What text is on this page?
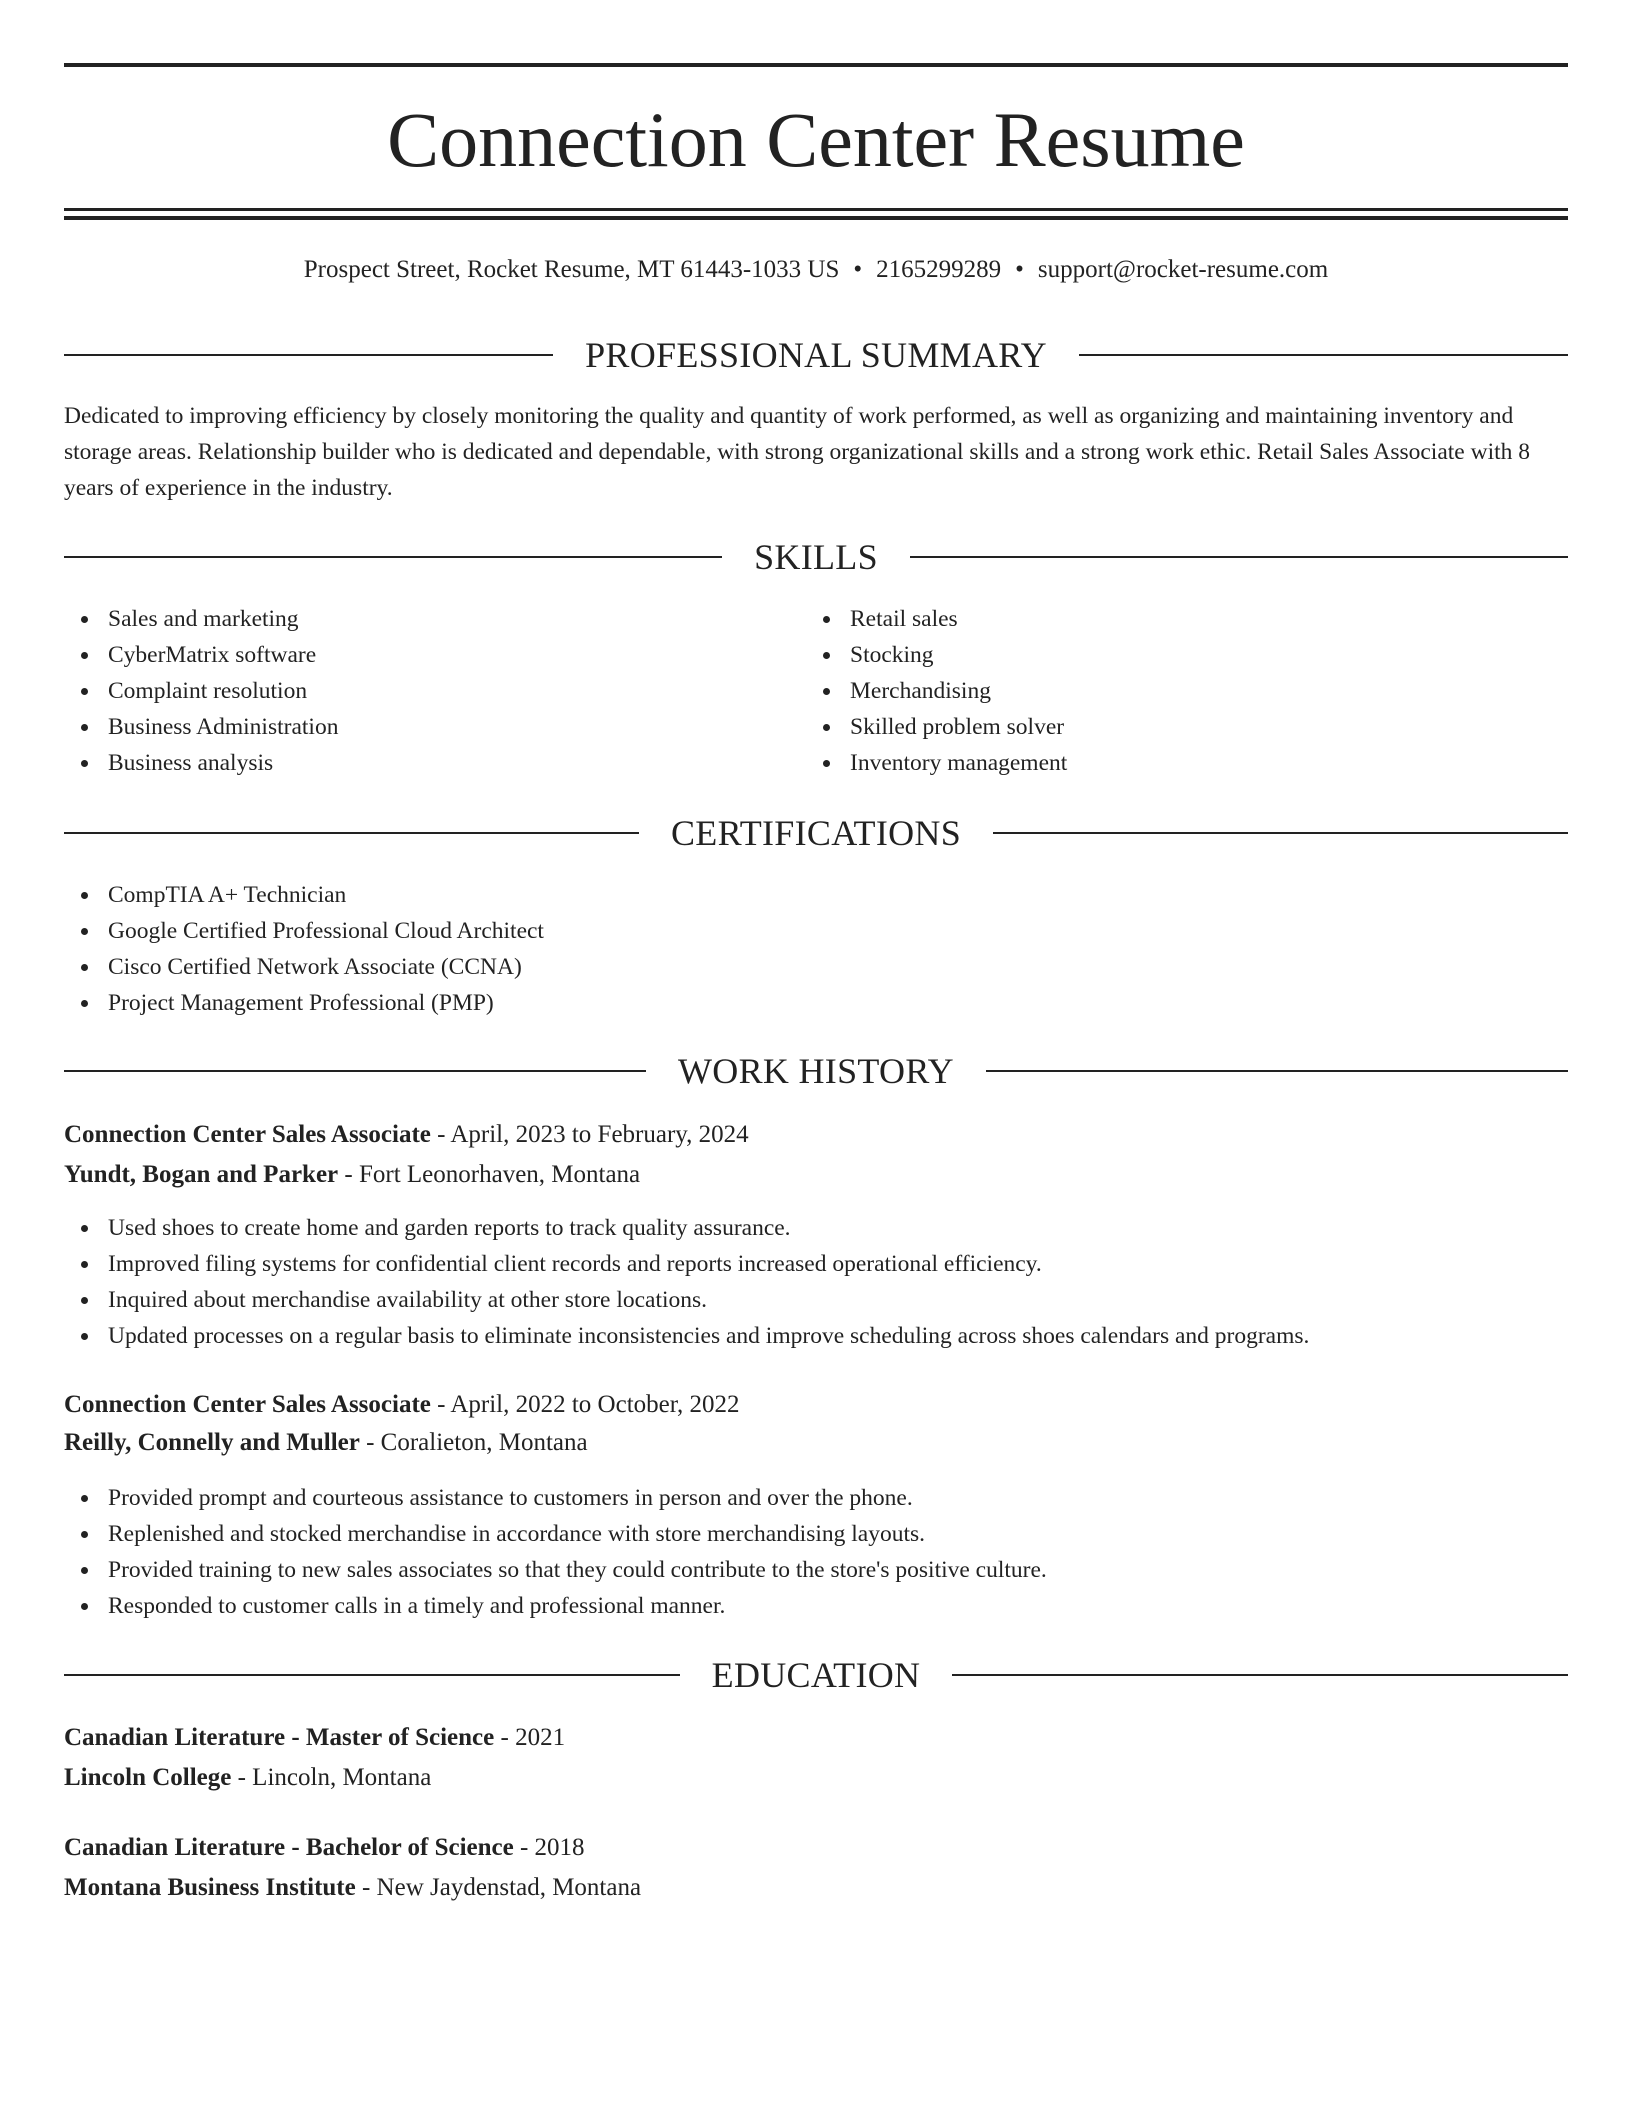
Connection Center Resume
Prospect Street, Rocket Resume, MT 61443-1033 US • 2165299289 • support@rocket-resume.com
PROFESSIONAL SUMMARY

Dedicated to improving efficiency by closely monitoring the quality and quantity of work performed, as well as organizing and maintaining inventory and storage areas. Relationship builder who is dedicated and dependable, with strong organizational skills and a strong work ethic. Retail Sales Associate with 8 years of experience in the industry.

SKILLS
Sales and marketing
CyberMatrix software
Complaint resolution
Business Administration
Business analysis
Retail sales
Stocking
Merchandising
Skilled problem solver
Inventory management
CERTIFICATIONS
CompTIA A+ Technician
Google Certified Professional Cloud Architect
Cisco Certified Network Associate (CCNA)
Project Management Professional (PMP)
WORK HISTORY
Connection Center Sales Associate - April, 2023 to February, 2024
Yundt, Bogan and Parker - Fort Leonorhaven, Montana
Used shoes to create home and garden reports to track quality assurance.
Improved filing systems for confidential client records and reports increased operational efficiency.
Inquired about merchandise availability at other store locations.
Updated processes on a regular basis to eliminate inconsistencies and improve scheduling across shoes calendars and programs.
Connection Center Sales Associate - April, 2022 to October, 2022
Reilly, Connelly and Muller - Coralieton, Montana
Provided prompt and courteous assistance to customers in person and over the phone.
Replenished and stocked merchandise in accordance with store merchandising layouts.
Provided training to new sales associates so that they could contribute to the store's positive culture.
Responded to customer calls in a timely and professional manner.
EDUCATION
Canadian Literature - Master of Science - 2021
Lincoln College - Lincoln, Montana
Canadian Literature - Bachelor of Science - 2018
Montana Business Institute - New Jaydenstad, Montana
